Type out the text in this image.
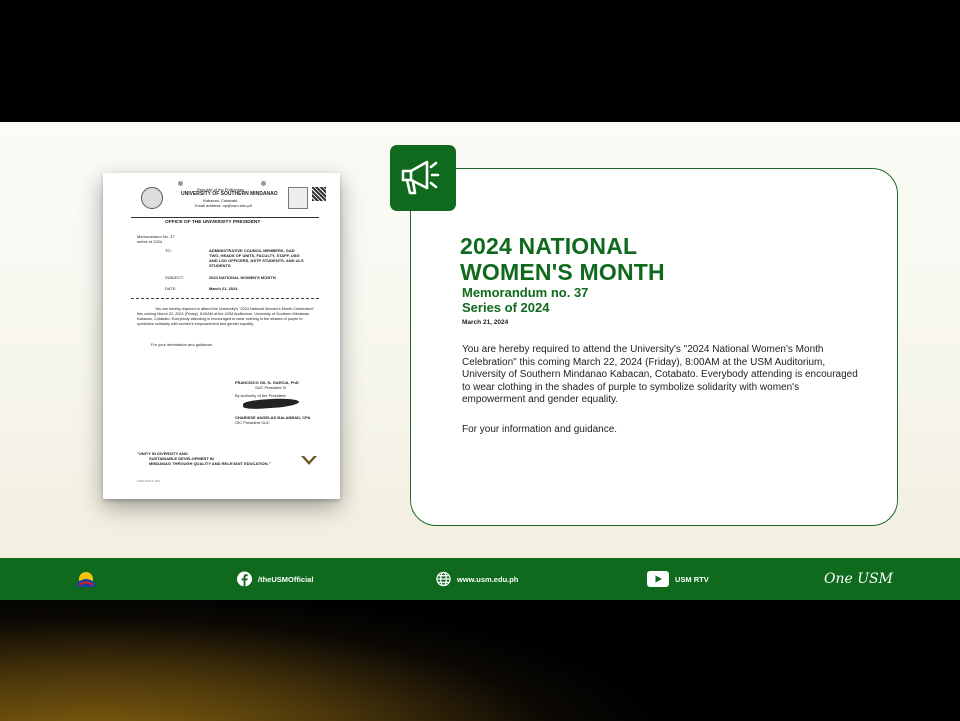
Republic of the Philippines
UNIVERSITY OF SOUTHERN MINDANAO
Kabacan, Cotabato
Email address: op@usm.edu.ph
OFFICE OF THE UNIVERSITY PRESIDENT
Memorandum No. 37
series of 2024
TO:	ADMINISTRATIVE COUNCIL MEMBERS, GAD
TWG, HEADS OF UNITS, FACULTY, STAFF, USG
AND LSG OFFICERS, NSTP STUDENTS, AND ULS
STUDENTS
SUBJECT:	2024 NATIONAL WOMEN'S MONTH
DATE:	March 21, 2024
You are hereby required to attend the University's "2024 National Women's Month Celebration" this coming March 22, 2024 (Friday), 8:00AM at the USM Auditorium, University of Southern Mindanao Kabacan, Cotabato. Everybody attending is encouraged to wear clothing in the shades of purple to symbolize solidarity with women's empowerment and gender equality.
For your information and guidance.
FRANCISCO GIL N. GARCIA, PhD
SUC President IV
By Authority of the President:
CHARISSE ANGELAS BALANBAD, CPA
OIC President SUC
"UNITY IN DIVERSITY AND
SUSTAINABLE DEVELOPMENT IN
MINDANAO THROUGH QUALITY AND RELEVANT EDUCATION."
USM-OUP-F-001
2024 NATIONAL
WOMEN'S MONTH
Memorandum no. 37
Series of 2024
March 21, 2024
You are hereby required to attend the University's "2024 National Women's Month Celebration" this coming March 22, 2024 (Friday), 8:00AM at the USM Auditorium, University of Southern Mindanao Kabacan, Cotabato. Everybody attending is encouraged to wear clothing in the shades of purple to symbolize solidarity with women's empowerment and gender equality.
For your information and guidance.
/theUSMOfficial	www.usm.edu.ph	USM RTV	One USM
